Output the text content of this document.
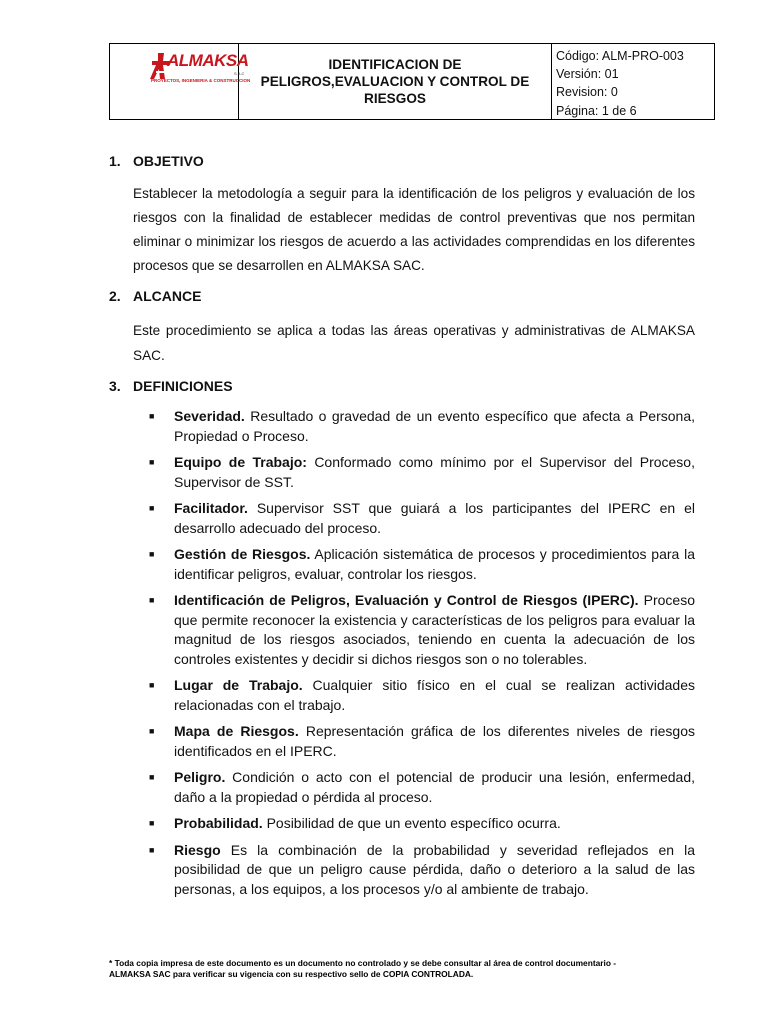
ALMAKSA
S.A.C
PROYECTOS, INGENIERIA & CONSTRUCCION
IDENTIFICACION DE
PELIGROS,EVALUACION Y CONTROL DE
RIESGOS
Código: ALM-PRO-003
Versión: 01
Revision: 0
Página: 1 de 6
1. OBJETIVO
Establecer la metodología a seguir para la identificación de los peligros y evaluación de los riesgos con la finalidad de establecer medidas de control preventivas que nos permitan eliminar o minimizar los riesgos de acuerdo a las actividades comprendidas en los diferentes procesos que se desarrollen en ALMAKSA SAC.
2. ALCANCE
Este procedimiento se aplica a todas las áreas operativas y administrativas de ALMAKSA SAC.
3. DEFINICIONES
■	Severidad. Resultado o gravedad de un evento específico que afecta a Persona, Propiedad o Proceso.
■	Equipo de Trabajo: Conformado como mínimo por el Supervisor del Proceso, Supervisor de SST.
■	Facilitador. Supervisor SST que guiará a los participantes del IPERC en el desarrollo adecuado del proceso.
■	Gestión de Riesgos. Aplicación sistemática de procesos y procedimientos para la identificar peligros, evaluar, controlar los riesgos.
■	Identificación de Peligros, Evaluación y Control de Riesgos (IPERC). Proceso que permite reconocer la existencia y características de los peligros para evaluar la magnitud de los riesgos asociados, teniendo en cuenta la adecuación de los controles existentes y decidir si dichos riesgos son o no tolerables.
■	Lugar de Trabajo. Cualquier sitio físico en el cual se realizan actividades relacionadas con el trabajo.
■	Mapa de Riesgos. Representación gráfica de los diferentes niveles de riesgos identificados en el IPERC.
■	Peligro. Condición o acto con el potencial de producir una lesión, enfermedad, daño a la propiedad o pérdida al proceso.
■	Probabilidad. Posibilidad de que un evento específico ocurra.
■	Riesgo Es la combinación de la probabilidad y severidad reflejados en la posibilidad de que un peligro cause pérdida, daño o deterioro a la salud de las personas, a los equipos, a los procesos y/o al ambiente de trabajo.
* Toda copia impresa de este documento es un documento no controlado y se debe consultar al área de control documentario -
ALMAKSA SAC para verificar su vigencia con su respectivo sello de COPIA CONTROLADA.
